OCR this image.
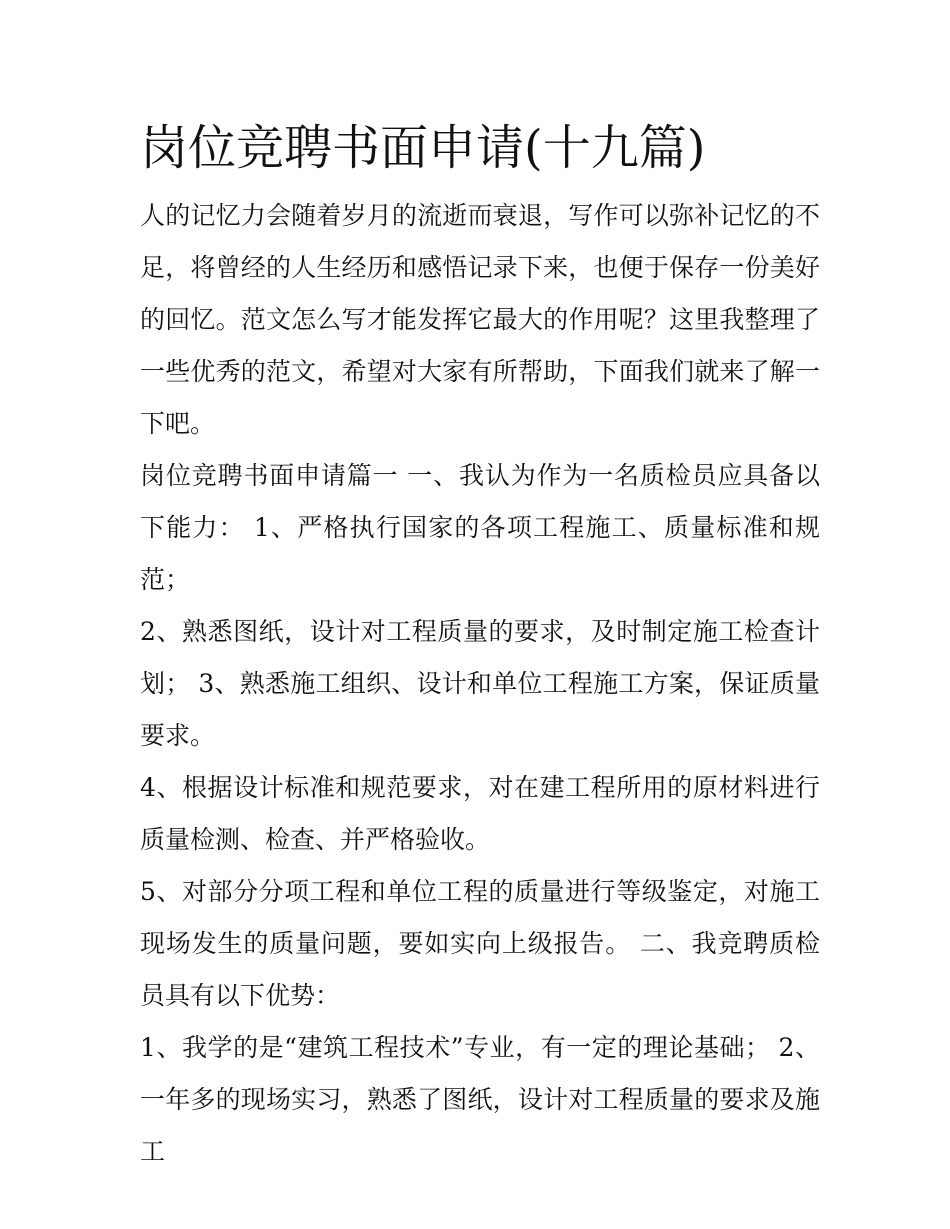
岗位竞聘书面申请(十九篇)

人的记忆力会随着岁月的流逝而衰退，写作可以弥补记忆的不足，将曾经的人生经历和感悟记录下来，也便于保存一份美好的回忆。范文怎么写才能发挥它最大的作用呢？这里我整理了一些优秀的范文，希望对大家有所帮助，下面我们就来了解一下吧。

岗位竞聘书面申请篇一 一、我认为作为一名质检员应具备以下能力： 1、严格执行国家的各项工程施工、质量标准和规范；

2、熟悉图纸，设计对工程质量的要求，及时制定施工检查计划； 3、熟悉施工组织、设计和单位工程施工方案，保证质量要求。

4、根据设计标准和规范要求，对在建工程所用的原材料进行质量检测、检查、并严格验收。

5、对部分分项工程和单位工程的质量进行等级鉴定，对施工现场发生的质量问题，要如实向上级报告。 二、我竞聘质检员具有以下优势：

1、我学的是“建筑工程技术”专业，有一定的理论基础； 2、一年多的现场实习，熟悉了图纸，设计对工程质量的要求及施工
